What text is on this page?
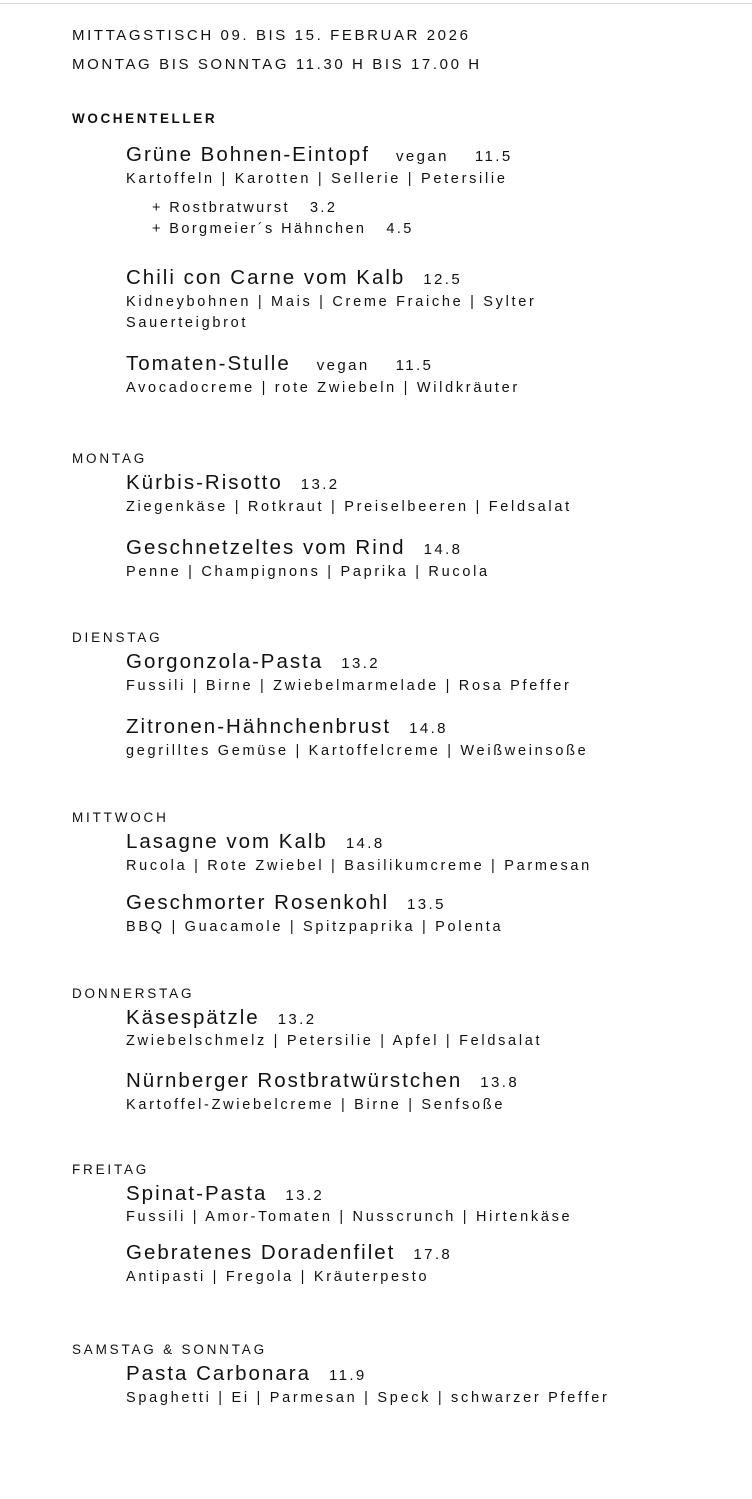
MITTAGSTISCH 09. BIS 15. FEBRUAR 2026
MONTAG BIS SONNTAG 11.30 H BIS 17.00 H
WOCHENTELLER
Grüne Bohnen-Eintopf vegan 11.5
Kartoffeln | Karotten | Sellerie | Petersilie
+ Rostbratwurst 3.2
+ Borgmeier´s Hähnchen 4.5
Chili con Carne vom Kalb 12.5
Kidneybohnen | Mais | Creme Fraiche | Sylter
Sauerteigbrot
Tomaten-Stulle vegan 11.5
Avocadocreme | rote Zwiebeln | Wildkräuter
MONTAG
Kürbis-Risotto 13.2
Ziegenkäse | Rotkraut | Preiselbeeren | Feldsalat
Geschnetzeltes vom Rind 14.8
Penne | Champignons | Paprika | Rucola
DIENSTAG
Gorgonzola-Pasta 13.2
Fussili | Birne | Zwiebelmarmelade | Rosa Pfeffer
Zitronen-Hähnchenbrust 14.8
gegrilltes Gemüse | Kartoffelcreme | Weißweinsoße
MITTWOCH
Lasagne vom Kalb 14.8
Rucola | Rote Zwiebel | Basilikumcreme | Parmesan
Geschmorter Rosenkohl 13.5
BBQ | Guacamole | Spitzpaprika | Polenta
DONNERSTAG
Käsespätzle 13.2
Zwiebelschmelz | Petersilie | Apfel | Feldsalat
Nürnberger Rostbratwürstchen 13.8
Kartoffel-Zwiebelcreme | Birne | Senfsoße
FREITAG
Spinat-Pasta 13.2
Fussili | Amor-Tomaten | Nusscrunch | Hirtenkäse
Gebratenes Doradenfilet 17.8
Antipasti | Fregola | Kräuterpesto
SAMSTAG & SONNTAG
Pasta Carbonara 11.9
Spaghetti | Ei | Parmesan | Speck | schwarzer Pfeffer
